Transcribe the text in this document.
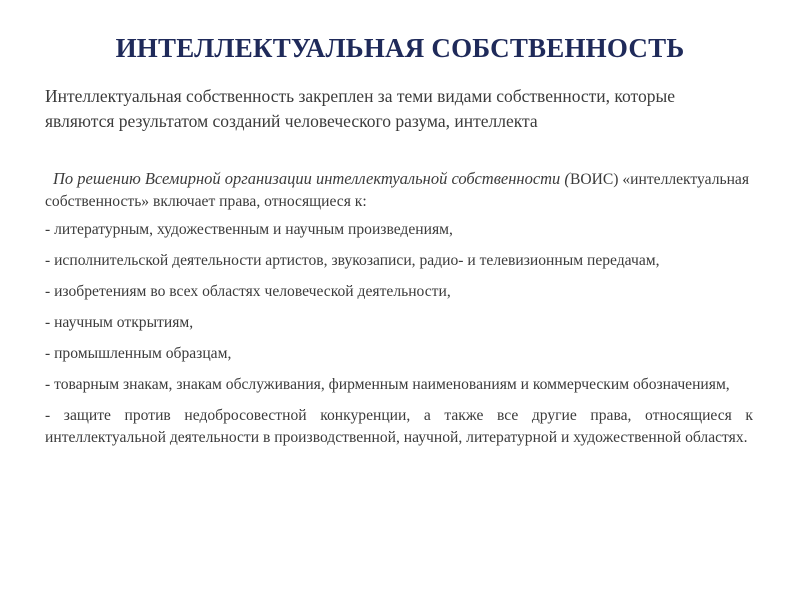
ИНТЕЛЛЕКТУАЛЬНАЯ СОБСТВЕННОСТЬ

Интеллектуальная собственность закреплен за теми видами собственности, которые являются результатом созданий человеческого разума, интеллекта

По решению Всемирной организации интеллектуальной собственности (ВОИС) «интеллектуальная собственность» включает права, относящиеся к:

- литературным, художественным и научным произведениям,

- исполнительской деятельности артистов, звукозаписи, радио- и телевизионным передачам,

- изобретениям во всех областях человеческой деятельности,

- научным открытиям,

- промышленным образцам,

- товарным знакам, знакам обслуживания, фирменным наименованиям и коммерческим обозначениям,

- защите против недобросовестной конкуренции, а также все другие права, относящиеся к интеллектуальной деятельности в производственной, научной, литературной и художественной областях.
